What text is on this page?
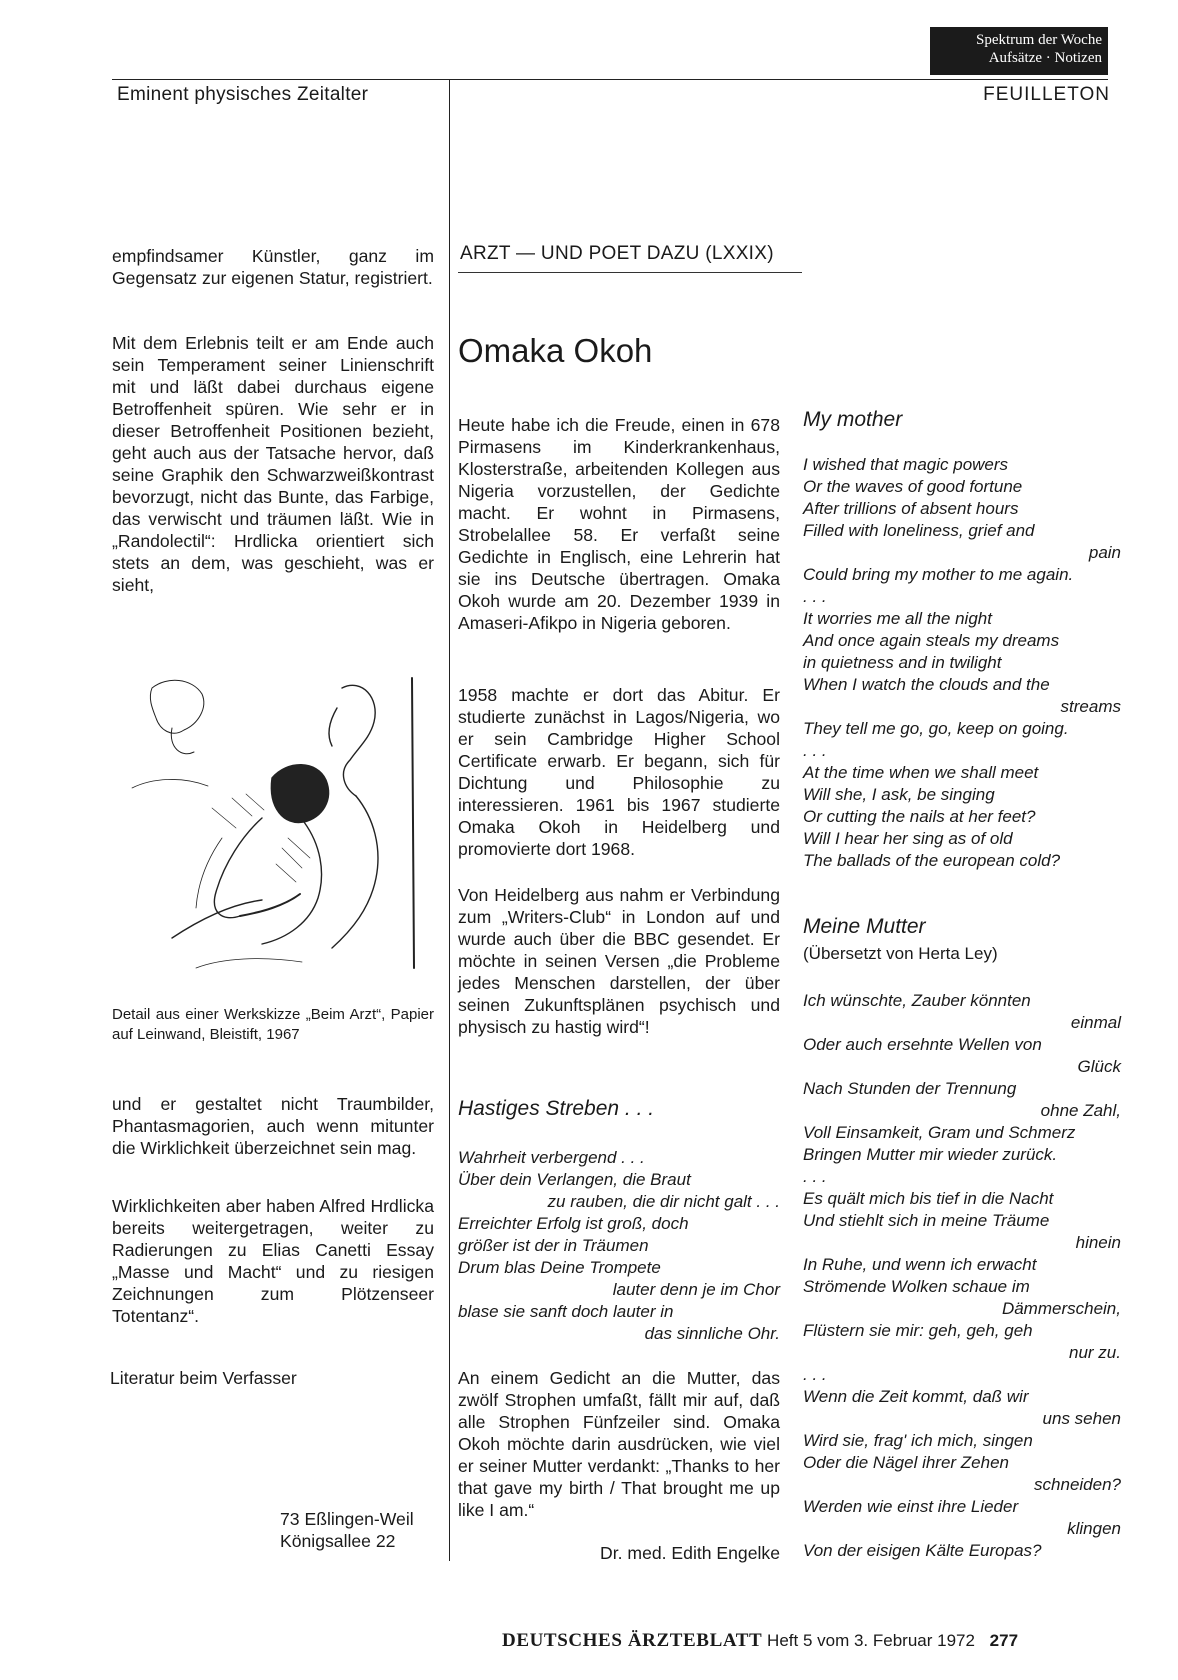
Spektrum der Woche
Aufsätze · Notizen
Eminent physisches Zeitalter	FEUILLETON

empfindsamer Künstler, ganz im Gegensatz zur eigenen Statur, registriert.

Mit dem Erlebnis teilt er am Ende auch sein Temperament seiner Linienschrift mit und läßt dabei durchaus eigene Betroffenheit spüren. Wie sehr er in dieser Betroffenheit Positionen bezieht, geht auch aus der Tatsache hervor, daß seine Graphik den Schwarzweißkontrast bevorzugt, nicht das Bunte, das Farbige, das verwischt und träumen läßt. Wie in „Randolectil“: Hrdlicka orientiert sich stets an dem, was geschieht, was er sieht,

Detail aus einer Werkskizze „Beim Arzt“, Papier auf Leinwand, Bleistift, 1967

und er gestaltet nicht Traumbilder, Phantasmagorien, auch wenn mitunter die Wirklichkeit überzeichnet sein mag.

Wirklichkeiten aber haben Alfred Hrdlicka bereits weitergetragen, weiter zu Radierungen zu Elias Canetti Essay „Masse und Macht“ und zu riesigen Zeichnungen zum Plötzenseer Totentanz“.

Literatur beim Verfasser
73 Eßlingen-Weil
Königsallee 22
ARZT — UND POET DAZU (LXXIX)
Omaka Okoh

Heute habe ich die Freude, einen in 678 Pirmasens im Kinderkrankenhaus, Klosterstraße, arbeitenden Kollegen aus Nigeria vorzustellen, der Gedichte macht. Er wohnt in Pirmasens, Strobelallee 58. Er verfaßt seine Gedichte in Englisch, eine Lehrerin hat sie ins Deutsche übertragen. Omaka Okoh wurde am 20. Dezember 1939 in Amaseri-Afikpo in Nigeria geboren.

1958 machte er dort das Abitur. Er studierte zunächst in Lagos/Nigeria, wo er sein Cambridge Higher School Certificate erwarb. Er begann, sich für Dichtung und Philosophie zu interessieren. 1961 bis 1967 studierte Omaka Okoh in Heidelberg und promovierte dort 1968.

Von Heidelberg aus nahm er Verbindung zum „Writers-Club“ in London auf und wurde auch über die BBC gesendet. Er möchte in seinen Versen „die Probleme jedes Menschen darstellen, der über seinen Zukunftsplänen psychisch und physisch zu hastig wird“!

Hastiges Streben . . .
Wahrheit verbergend . . .
Über dein Verlangen, die Braut
zu rauben, die dir nicht galt . . .
Erreichter Erfolg ist groß, doch
größer ist der in Träumen
Drum blas Deine Trompete
lauter denn je im Chor
blase sie sanft doch lauter in
das sinnliche Ohr.

An einem Gedicht an die Mutter, das zwölf Strophen umfaßt, fällt mir auf, daß alle Strophen Fünfzeiler sind. Omaka Okoh möchte darin ausdrücken, wie viel er seiner Mutter verdankt: „Thanks to her that gave my birth / That brought me up like I am.“

Dr. med. Edith Engelke
My mother
I wished that magic powers
Or the waves of good fortune
After trillions of absent hours
Filled with loneliness, grief and
pain
Could bring my mother to me again.
. . .
It worries me all the night
And once again steals my dreams
in quietness and in twilight
When I watch the clouds and the
streams
They tell me go, go, keep on going.
. . .
At the time when we shall meet
Will she, I ask, be singing
Or cutting the nails at her feet?
Will I hear her sing as of old
The ballads of the european cold?
Meine Mutter
(Übersetzt von Herta Ley)
Ich wünschte, Zauber könnten
einmal
Oder auch ersehnte Wellen von
Glück
Nach Stunden der Trennung
ohne Zahl,
Voll Einsamkeit, Gram und Schmerz
Bringen Mutter mir wieder zurück.
. . .
Es quält mich bis tief in die Nacht
Und stiehlt sich in meine Träume
hinein
In Ruhe, und wenn ich erwacht
Strömende Wolken schaue im
Dämmerschein,
Flüstern sie mir: geh, geh, geh
nur zu.
. . .
Wenn die Zeit kommt, daß wir
uns sehen
Wird sie, frag' ich mich, singen
Oder die Nägel ihrer Zehen
schneiden?
Werden wie einst ihre Lieder
klingen
Von der eisigen Kälte Europas?
DEUTSCHES ÄRZTEBLATT Heft 5 vom 3. Februar 1972 277
